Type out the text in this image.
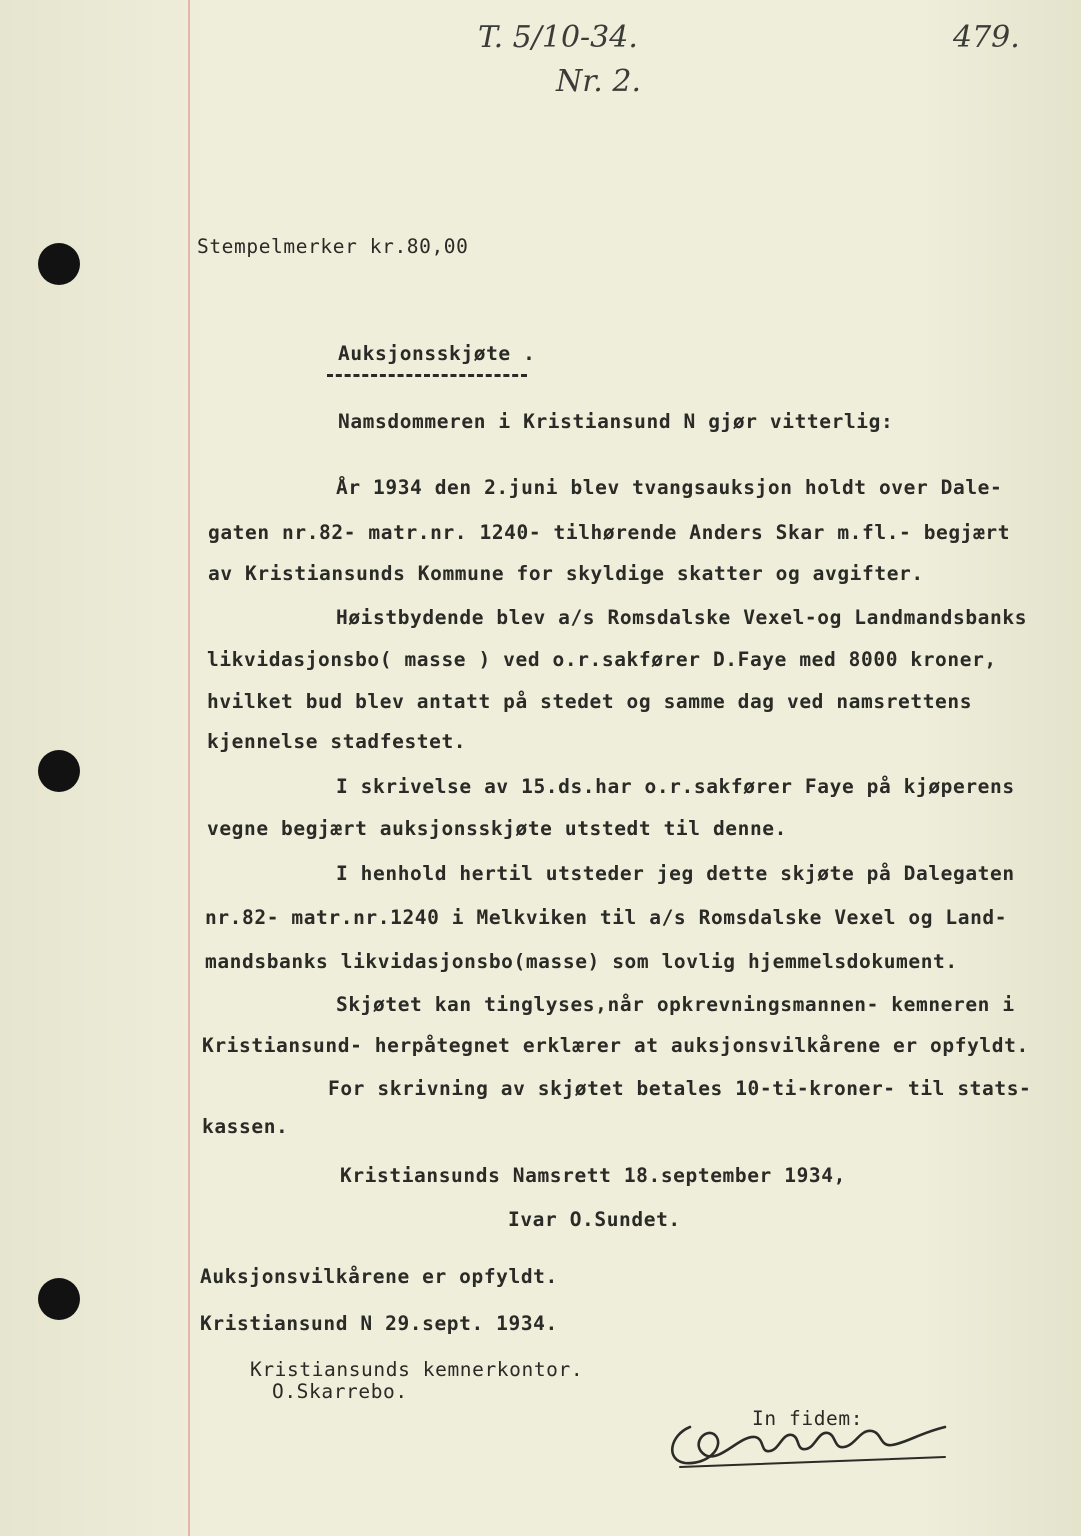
T. 5/10-34.
Nr. 2.
479.
Stempelmerker kr.80,00
Auksjonsskjøte .
Namsdommeren i Kristiansund N gjør vitterlig:
År 1934 den 2.juni blev tvangsauksjon holdt over Dale-
gaten nr.82- matr.nr. 1240- tilhørende Anders Skar m.fl.- begjært
av Kristiansunds Kommune for skyldige skatter og avgifter.
Høistbydende blev a/s Romsdalske Vexel-og Landmandsbanks
likvidasjonsbo( masse ) ved o.r.sakfører D.Faye med 8000 kroner,
hvilket bud blev antatt på stedet og samme dag ved namsrettens
kjennelse stadfestet.
I skrivelse av 15.ds.har o.r.sakfører Faye på kjøperens
vegne begjært auksjonsskjøte utstedt til denne.
I henhold hertil utsteder jeg dette skjøte på Dalegaten
nr.82- matr.nr.1240 i Melkviken til a/s Romsdalske Vexel og Land-
mandsbanks likvidasjonsbo(masse) som lovlig hjemmelsdokument.
Skjøtet kan tinglyses,når opkrevningsmannen- kemneren i
Kristiansund- herpåtegnet erklærer at auksjonsvilkårene er opfyldt.
For skrivning av skjøtet betales 10-ti-kroner- til stats-
kassen.
Kristiansunds Namsrett 18.september 1934,
Ivar O.Sundet.
Auksjonsvilkårene er opfyldt.
Kristiansund N 29.sept. 1934.
Kristiansunds kemnerkontor.
O.Skarrebo.
In fidem:
